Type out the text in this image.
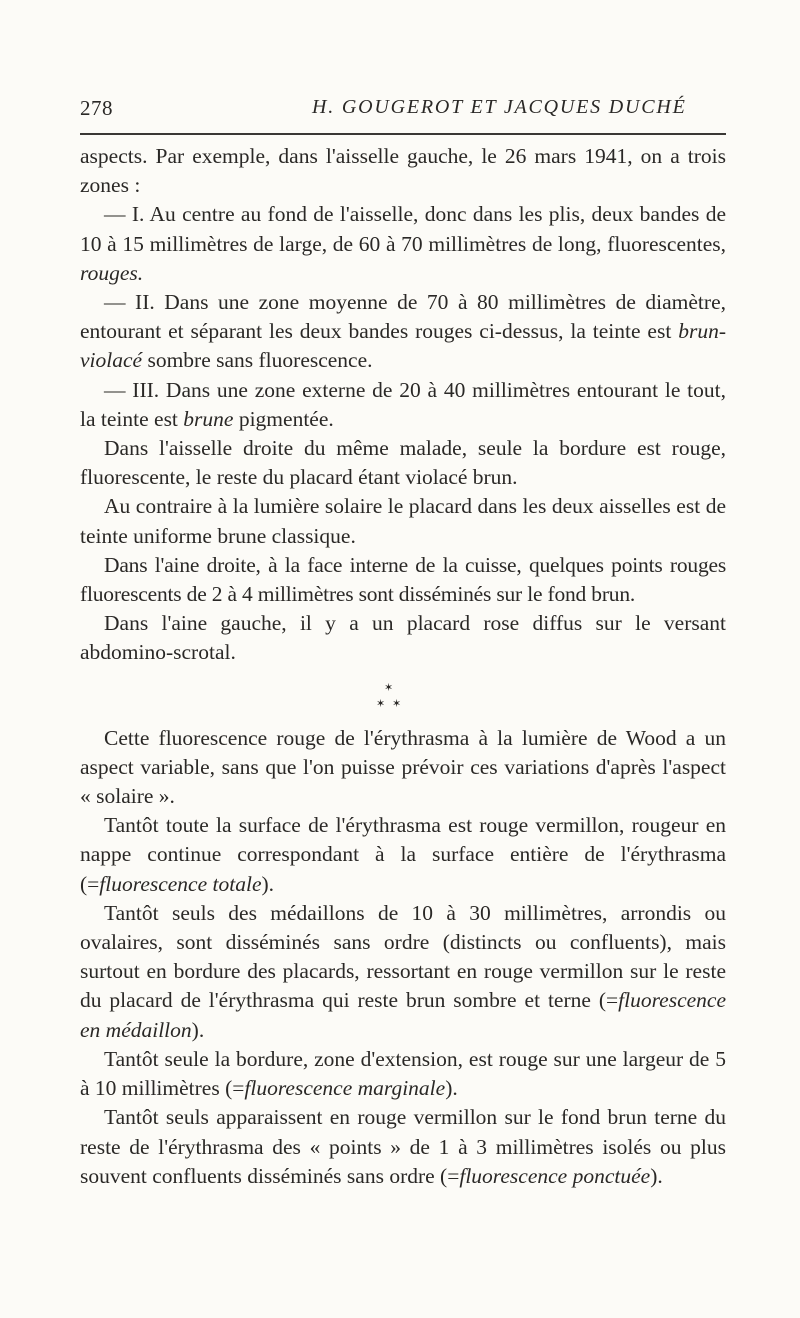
278	H. GOUGEROT ET JACQUES DUCHÉ

aspects. Par exemple, dans l'aisselle gauche, le 26 mars 1941, on a trois zones :

— I. Au centre au fond de l'aisselle, donc dans les plis, deux bandes de 10 à 15 millimètres de large, de 60 à 70 millimètres de long, fluorescentes, rouges.

— II. Dans une zone moyenne de 70 à 80 millimètres de diamètre, entourant et séparant les deux bandes rouges ci-dessus, la teinte est brun-violacé sombre sans fluorescence.

— III. Dans une zone externe de 20 à 40 millimètres entourant le tout, la teinte est brune pigmentée.

Dans l'aisselle droite du même malade, seule la bordure est rouge, fluorescente, le reste du placard étant violacé brun.

Au contraire à la lumière solaire le placard dans les deux aisselles est de teinte uniforme brune classique.

Dans l'aine droite, à la face interne de la cuisse, quelques points rouges fluorescents de 2 à 4 millimètres sont disséminés sur le fond brun.

Dans l'aine gauche, il y a un placard rose diffus sur le versant abdomino-scrotal.

✶
✶ ✶

Cette fluorescence rouge de l'érythrasma à la lumière de Wood a un aspect variable, sans que l'on puisse prévoir ces variations d'après l'aspect « solaire ».

Tantôt toute la surface de l'érythrasma est rouge vermillon, rougeur en nappe continue correspondant à la surface entière de l'érythrasma (=fluorescence totale).

Tantôt seuls des médaillons de 10 à 30 millimètres, arrondis ou ovalaires, sont disséminés sans ordre (distincts ou confluents), mais surtout en bordure des placards, ressortant en rouge vermillon sur le reste du placard de l'érythrasma qui reste brun sombre et terne (=fluorescence en médaillon).

Tantôt seule la bordure, zone d'extension, est rouge sur une largeur de 5 à 10 millimètres (=fluorescence marginale).

Tantôt seuls apparaissent en rouge vermillon sur le fond brun terne du reste de l'érythrasma des « points » de 1 à 3 millimètres isolés ou plus souvent confluents disséminés sans ordre (=fluorescence ponctuée).
